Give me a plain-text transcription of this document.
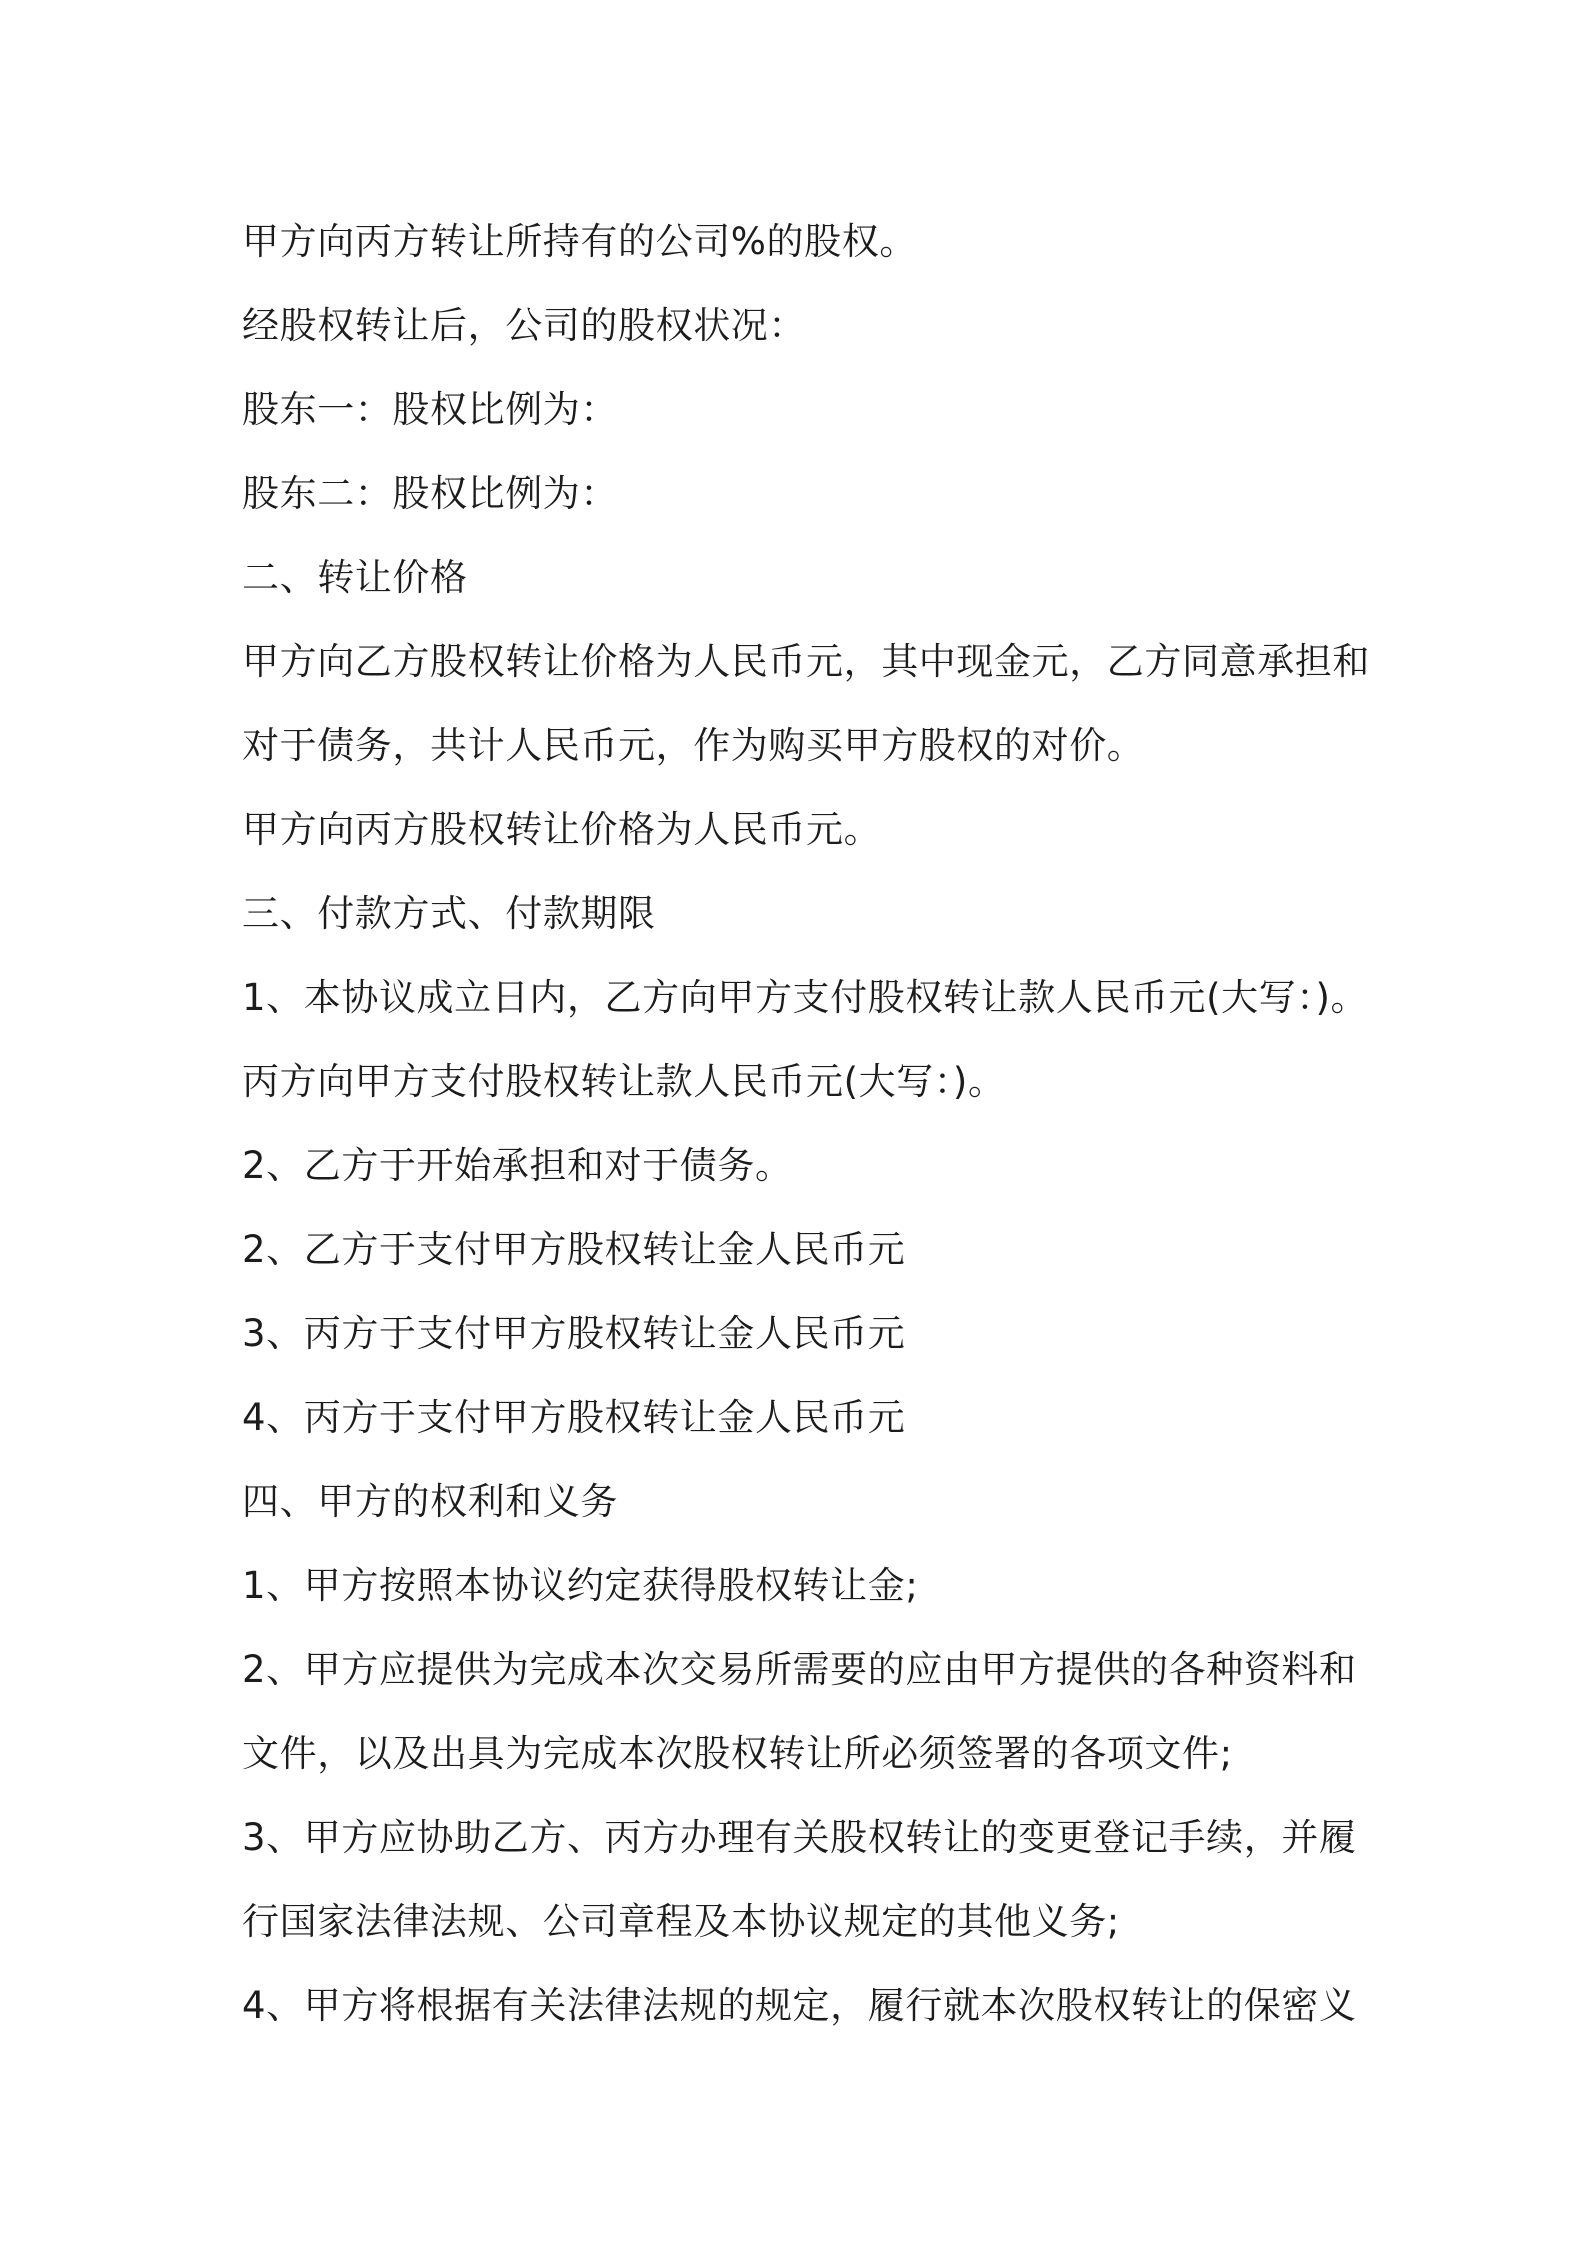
甲方向丙方转让所持有的公司%的股权。
经股权转让后，公司的股权状况：
股东一：股权比例为：
股东二：股权比例为：
二、转让价格
甲方向乙方股权转让价格为人民币元，其中现金元，乙方同意承担和
对于债务，共计人民币元，作为购买甲方股权的对价。
甲方向丙方股权转让价格为人民币元。
三、付款方式、付款期限
1、本协议成立日内，乙方向甲方支付股权转让款人民币元(大写：)。
丙方向甲方支付股权转让款人民币元(大写：)。
2、乙方于开始承担和对于债务。
2、乙方于支付甲方股权转让金人民币元
3、丙方于支付甲方股权转让金人民币元
4、丙方于支付甲方股权转让金人民币元
四、甲方的权利和义务
1、甲方按照本协议约定获得股权转让金;
2、甲方应提供为完成本次交易所需要的应由甲方提供的各种资料和
文件，以及出具为完成本次股权转让所必须签署的各项文件;
3、甲方应协助乙方、丙方办理有关股权转让的变更登记手续，并履
行国家法律法规、公司章程及本协议规定的其他义务;
4、甲方将根据有关法律法规的规定，履行就本次股权转让的保密义
